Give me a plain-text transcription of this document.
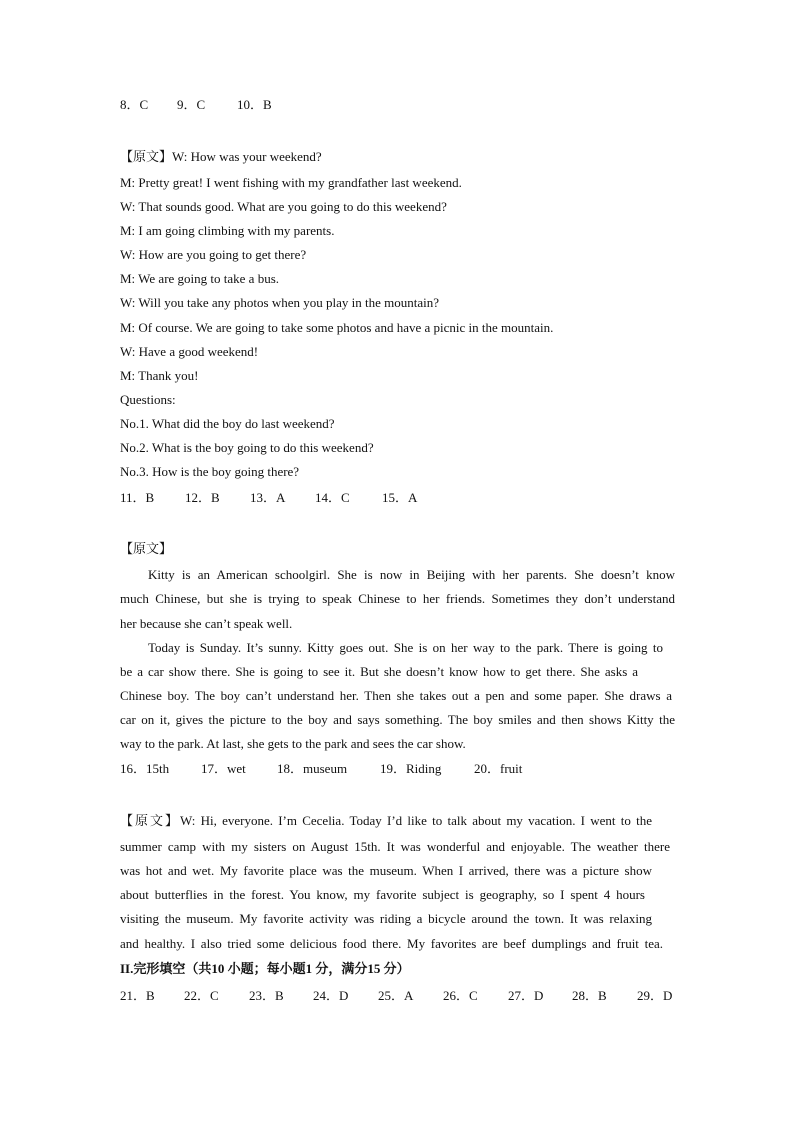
8．C 9．C 10．B
【原文】W: How was your weekend?
M: Pretty great! I went fishing with my grandfather last weekend.
W: That sounds good. What are you going to do this weekend?
M: I am going climbing with my parents.
W: How are you going to get there?
M: We are going to take a bus.
W: Will you take any photos when you play in the mountain?
M: Of course. We are going to take some photos and have a picnic in the mountain.
W: Have a good weekend!
M: Thank you!
Questions:
No.1. What did the boy do last weekend?
No.2. What is the boy going to do this weekend?
No.3. How is the boy going there?
11．B 12．B 13．A 14．C 15．A
【原文】
Kitty is an American schoolgirl. She is now in Beijing with her parents. She doesn’t know
much Chinese, but she is trying to speak Chinese to her friends. Sometimes they don’t understand
her because she can’t speak well.
Today is Sunday. It’s sunny. Kitty goes out. She is on her way to the park. There is going to
be a car show there. She is going to see it. But she doesn’t know how to get there. She asks a
Chinese boy. The boy can’t understand her. Then she takes out a pen and some paper. She draws a
car on it, gives the picture to the boy and says something. The boy smiles and then shows Kitty the
way to the park. At last, she gets to the park and sees the car show.
16．15th 17．wet 18．museum	19．Riding	20．fruit
【原文】W: Hi, everyone. I’m Cecelia. Today I’d like to talk about my vacation. I went to the
summer camp with my sisters on August 15th. It was wonderful and enjoyable. The weather there
was hot and wet. My favorite place was the museum. When I arrived, there was a picture show
about butterflies in the forest. You know, my favorite subject is geography, so I spent 4 hours
visiting the museum. My favorite activity was riding a bicycle around the town. It was relaxing
and healthy. I also tried some delicious food there. My favorites are beef dumplings and fruit tea.
II.完形填空（共10 小题；每小题1 分，满分15 分）
21．B 22．C 23．B 24．D 25．A 26．C 27．D 28．B 29．D
